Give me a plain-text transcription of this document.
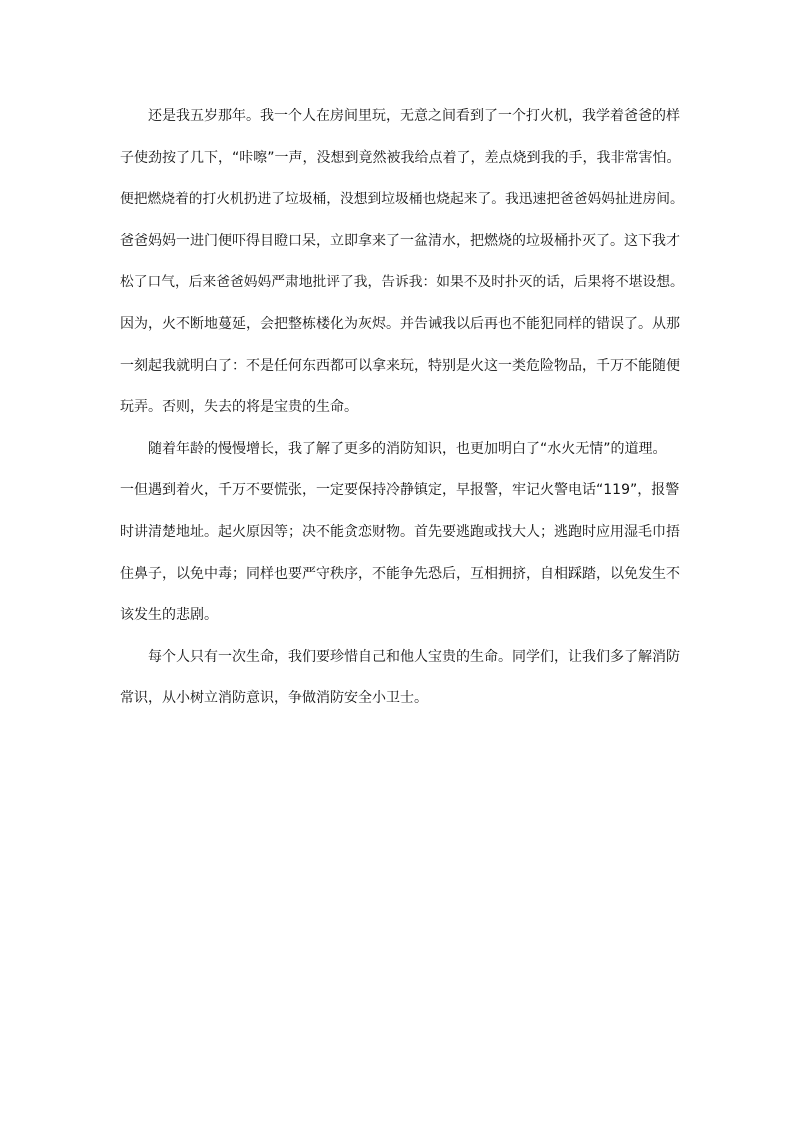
还是我五岁那年。我一个人在房间里玩，无意之间看到了一个打火机，我学着爸爸的样
子使劲按了几下，“咔嚓”一声，没想到竟然被我给点着了，差点烧到我的手，我非常害怕。
便把燃烧着的打火机扔进了垃圾桶，没想到垃圾桶也烧起来了。我迅速把爸爸妈妈扯进房间。
爸爸妈妈一进门便吓得目瞪口呆，立即拿来了一盆清水，把燃烧的垃圾桶扑灭了。这下我才
松了口气，后来爸爸妈妈严肃地批评了我，告诉我：如果不及时扑灭的话，后果将不堪设想。
因为，火不断地蔓延，会把整栋楼化为灰烬。并告诫我以后再也不能犯同样的错误了。从那
一刻起我就明白了：不是任何东西都可以拿来玩，特别是火这一类危险物品，千万不能随便
玩弄。否则，失去的将是宝贵的生命。
随着年龄的慢慢增长，我了解了更多的消防知识，也更加明白了“水火无情”的道理。
一但遇到着火，千万不要慌张，一定要保持冷静镇定，早报警，牢记火警电话“119”，报警
时讲清楚地址。起火原因等；决不能贪恋财物。首先要逃跑或找大人；逃跑时应用湿毛巾捂
住鼻子，以免中毒；同样也要严守秩序，不能争先恐后，互相拥挤，自相踩踏，以免发生不
该发生的悲剧。
每个人只有一次生命，我们要珍惜自己和他人宝贵的生命。同学们，让我们多了解消防
常识，从小树立消防意识，争做消防安全小卫士。
